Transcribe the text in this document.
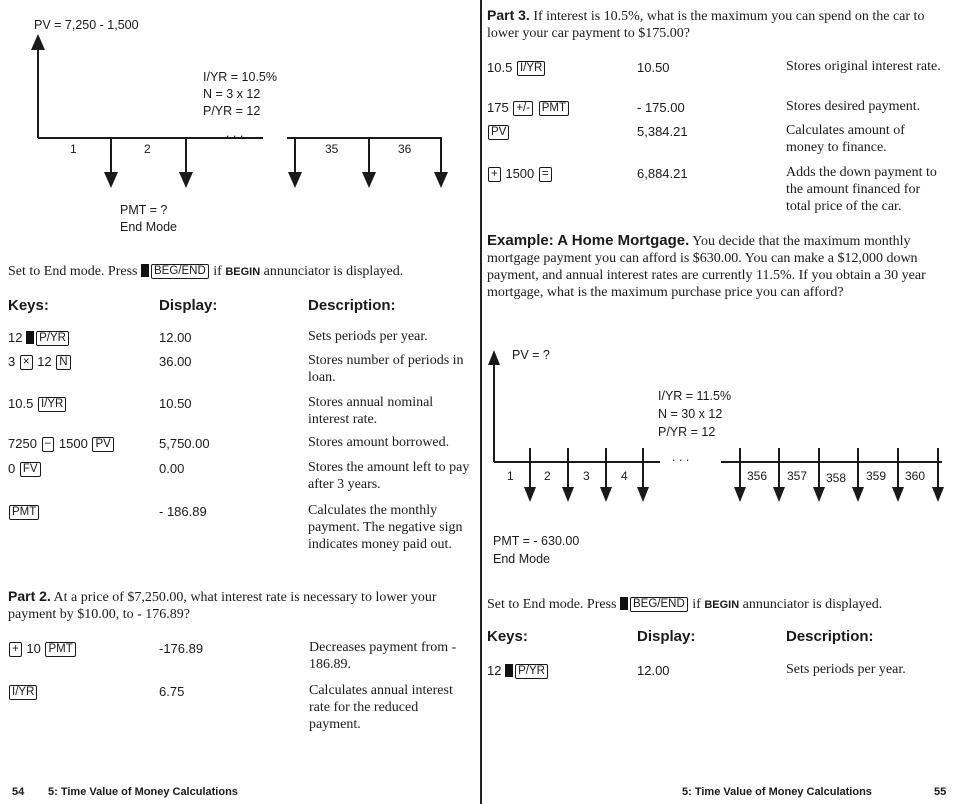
PV = 7,250 - 1,500
I/YR = 10.5%
N = 3 x 12
P/YR = 12
. . .
1	2	35	36
PMT = ?
End Mode
Set to End mode. Press BEG/END if BEGIN annunciator is displayed.
Keys:	Display:	Description:
12 P/YR	12.00	Sets periods per year.
3 × 12 N	36.00	Stores number of periods in loan.
10.5 I/YR	10.50	Stores annual nominal interest rate.
7250 − 1500 PV	5,750.00	Stores amount borrowed.
0 FV	0.00	Stores the amount left to pay after 3 years.
PMT	- 186.89	Calculates the monthly payment. The negative sign indicates money paid out.
Part 2. At a price of $7,250.00, what interest rate is necessary to lower your payment by $10.00, to - 176.89?
+ 10 PMT	-176.89	Decreases payment from - 186.89.
I/YR	6.75	Calculates annual interest rate for the reduced payment.
54 5: Time Value of Money Calculations
Part 3. If interest is 10.5%, what is the maximum you can spend on the car to lower your car payment to $175.00?
10.5 I/YR	10.50	Stores original interest rate.
175 +/- PMT	- 175.00	Stores desired payment.
PV	5,384.21	Calculates amount of money to finance.
+ 1500 =	6,884.21	Adds the down payment to the amount financed for total price of the car.
Example: A Home Mortgage. You decide that the maximum monthly mortgage payment you can afford is $630.00. You can make a $12,000 down payment, and annual interest rates are currently 11.5%. If you obtain a 30 year mortgage, what is the maximum purchase price you can afford?
PV = ?
I/YR = 11.5%
N = 30 x 12
P/YR = 12
. . .
1	2	3	4	356 357 358 359 360
PMT = - 630.00
End Mode
Set to End mode. Press BEG/END if BEGIN annunciator is displayed.
Keys:	Display:	Description:
12 P/YR	12.00	Sets periods per year.
5: Time Value of Money Calculations	55
